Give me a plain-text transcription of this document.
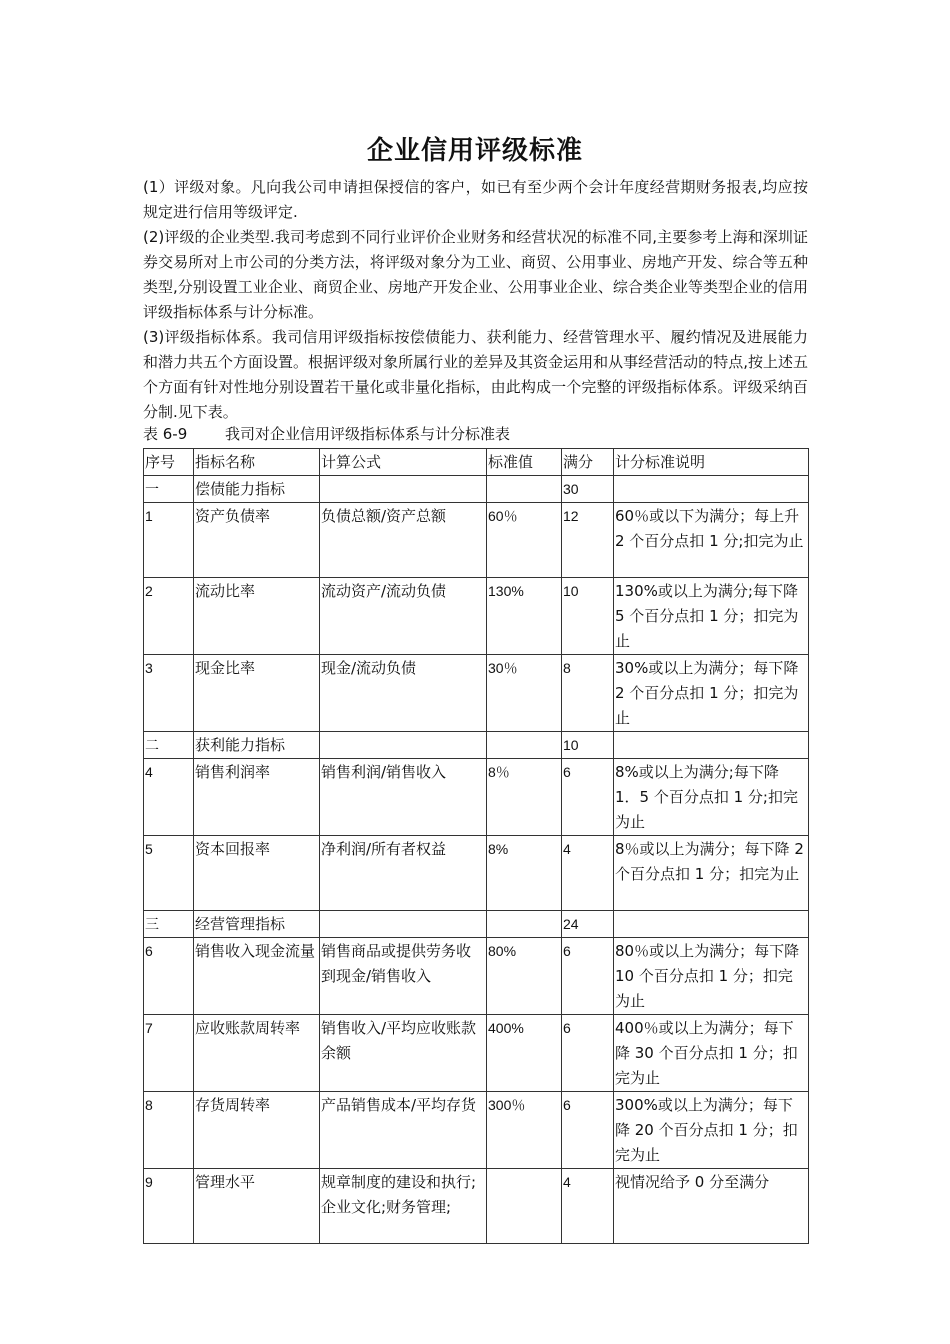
企业信用评级标准

(1）评级对象。凡向我公司申请担保授信的客户，如已有至少两个会计年度经营期财务报表,均应按规定进行信用等级评定.

(2)评级的企业类型.我司考虑到不同行业评价企业财务和经营状况的标准不同,主要参考上海和深圳证券交易所对上市公司的分类方法，将评级对象分为工业、商贸、公用事业、房地产开发、综合等五种类型,分别设置工业企业、商贸企业、房地产开发企业、公用事业企业、综合类企业等类型企业的信用评级指标体系与计分标准。

(3)评级指标体系。我司信用评级指标按偿债能力、获利能力、经营管理水平、履约情况及进展能力和潜力共五个方面设置。根据评级对象所属行业的差异及其资金运用和从事经营活动的特点,按上述五个方面有针对性地分别设置若干量化或非量化指标，由此构成一个完整的评级指标体系。评级采纳百分制.见下表。

表 6-9	我司对企业信用评级指标体系与计分标准表
序号	指标名称	计算公式	标准值	满分	计分标准说明
一	偿债能力指标			30	
1	资产负债率	负债总额/资产总额	60％	12	60％或以下为满分；每上升 2 个百分点扣 1 分;扣完为止
2	流动比率	流动资产/流动负债	130%	10	130%或以上为满分;每下降 5 个百分点扣 1 分；扣完为止
3	现金比率	现金/流动负债	30％	8	30%或以上为满分；每下降 2 个百分点扣 1 分；扣完为止
二	获利能力指标			10	
4	销售利润率	销售利润/销售收入	8％	6	8%或以上为满分;每下降 1．5 个百分点扣 1 分;扣完为止
5	资本回报率	净利润/所有者权益	8%	4	8％或以上为满分；每下降 2 个百分点扣 1 分；扣完为止
三	经营管理指标			24	
6	销售收入现金流量	销售商品或提供劳务收到现金/销售收入	80%	6	80％或以上为满分；每下降 10 个百分点扣 1 分；扣完为止
7	应收账款周转率	销售收入/平均应收账款余额	400%	6	400％或以上为满分；每下降 30 个百分点扣 1 分；扣完为止
8	存货周转率	产品销售成本/平均存货	300％	6	300%或以上为满分；每下降 20 个百分点扣 1 分；扣完为止
9	管理水平	规章制度的建设和执行;企业文化;财务管理;		4	视情况给予 0 分至满分
